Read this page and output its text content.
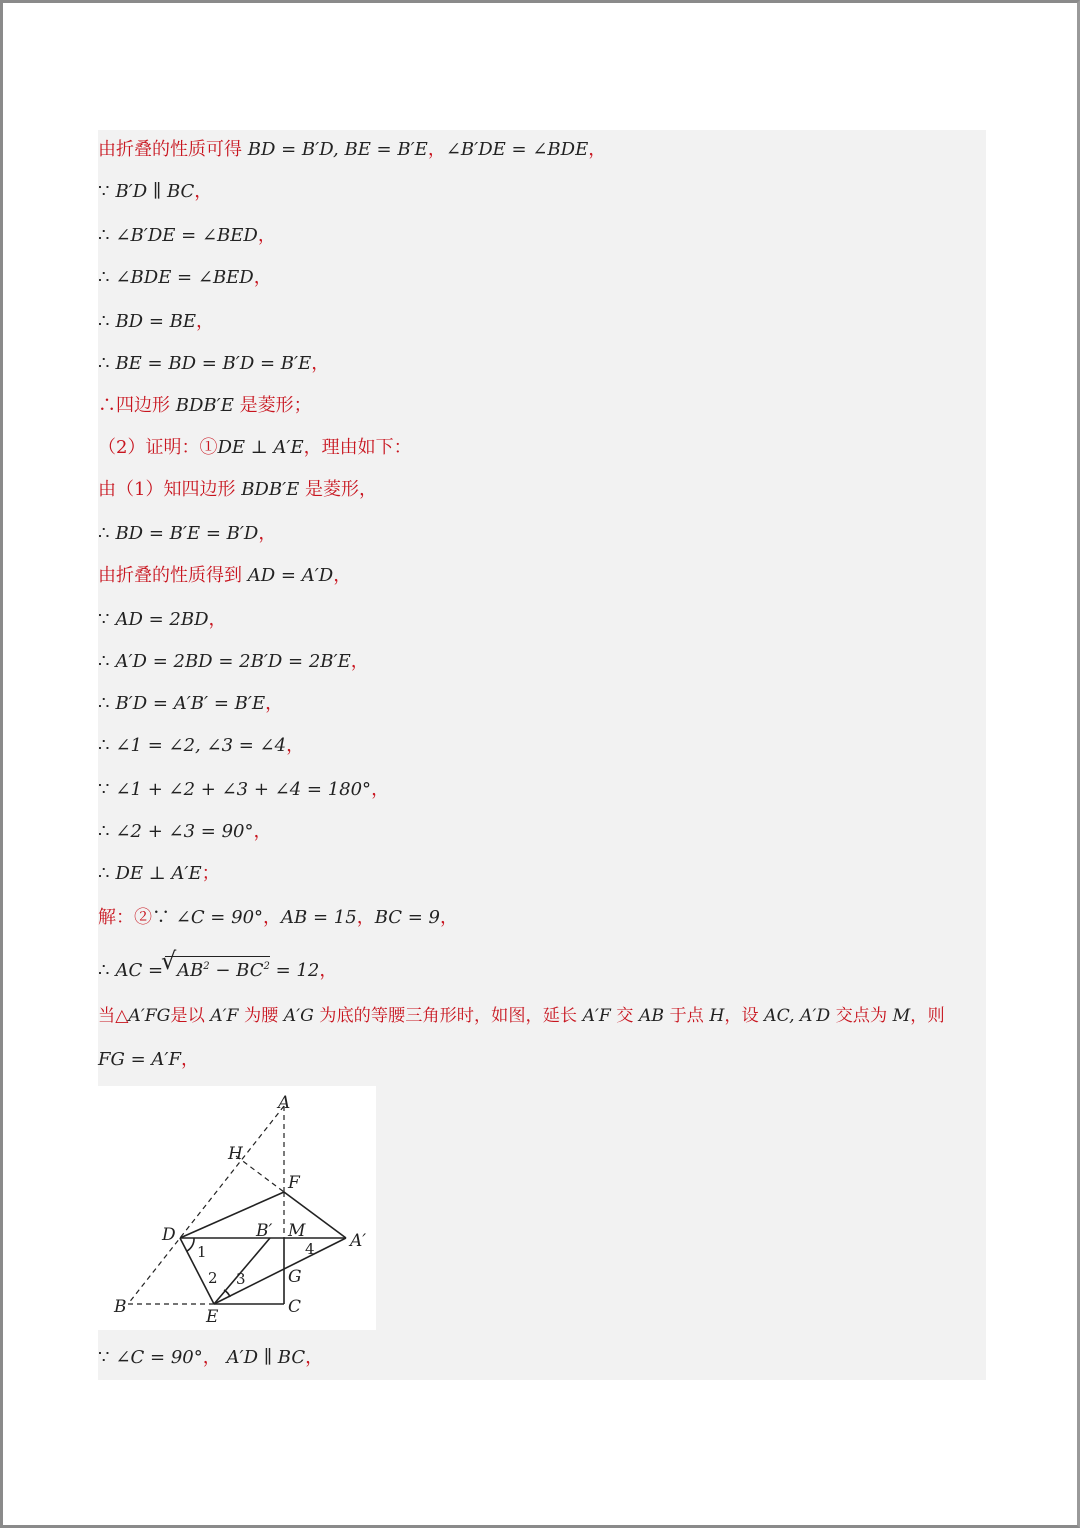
由折叠的性质可得 BD = B′D, BE = B′E，∠B′DE = ∠BDE，
∵ B′D ∥ BC，
∴ ∠B′DE = ∠BED，
∴ ∠BDE = ∠BED，
∴ BD = BE，
∴ BE = BD = B′D = B′E，
∴四边形 BDB′E 是菱形；
（2）证明：①DE ⊥ A′E，理由如下：
由（1）知四边形 BDB′E 是菱形，
∴ BD = B′E = B′D，
由折叠的性质得到 AD = A′D，
∵ AD = 2BD，
∴ A′D = 2BD = 2B′D = 2B′E，
∴ B′D = A′B′ = B′E，
∴ ∠1 = ∠2, ∠3 = ∠4，
∵ ∠1 + ∠2 + ∠3 + ∠4 = 180°，
∴ ∠2 + ∠3 = 90°，
∴ DE ⊥ A′E；
解：②∵ ∠C = 90°，AB = 15，BC = 9，
∴ AC =√ $AB^2 - BC^2 = 12$，
当△A′FG是以 A′F 为腰 A′G 为底的等腰三角形时，如图，延长 A′F 交 AB 于点 H，设 AC, A′D 交点为 M，则
FG = A′F，
A
H
F
D	B′ M	A′
1
2 3
4
G
B	E	C
∵ ∠C = 90°， A′D ∥ BC，
